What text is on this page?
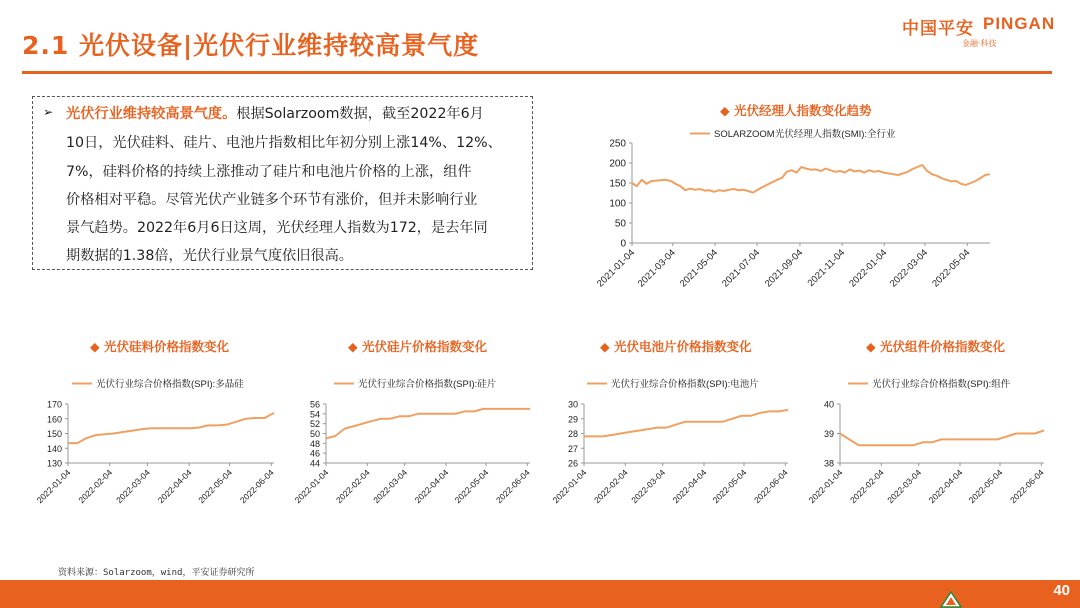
2.1 光伏设备|光伏行业维持较高景气度
中国平安 PINGAN
金融·科技
➢ 光伏行业维持较高景气度。根据Solarzoom数据，截至2022年6月
10日，光伏硅料、硅片、电池片指数相比年初分别上涨14%、12%、
7%，硅料价格的持续上涨推动了硅片和电池片价格的上涨，组件
价格相对平稳。尽管光伏产业链多个环节有涨价，但并未影响行业
景气趋势。2022年6月6日这周，光伏经理人指数为172，是去年同
期数据的1.38倍，光伏行业景气度依旧很高。
◆ 光伏经理人指数变化趋势
◆ 光伏硅料价格指数变化	◆ 光伏硅片价格指数变化	◆ 光伏电池片价格指数变化	◆ 光伏组件价格指数变化
0
50
100
150
200
250
2021-01-04
2021-03-04 2021-05-04 2021-07-04 2021-09-04 2021-11-04 2022-01-04
2022-03-04 2022-05-04
SOLARZOOM光伏经理人指数(SMI):全行业
130
140
150
160
170
2022-01-04 2022-02-04 2022-03-04 2022-04-04 2022-05-04 2022-06-04
光伏行业综合价格指数(SPI):多晶硅
44
46
48
50
52
54
56
2022-01-04 2022-02-04 2022-03-04 2022-04-04 2022-05-04 2022-06-04
光伏行业综合价格指数(SPI):硅片
26
27
28
29
30
2022-01-04 2022-02-04 2022-03-04 2022-04-04 2022-05-04 2022-06-04
光伏行业综合价格指数(SPI):电池片
38
39
40
2022-01-04 2022-02-04 2022-03-04 2022-04-04 2022-05-04 2022-06-04
光伏行业综合价格指数(SPI):组件
资料来源：Solarzoom，wind，平安证券研究所
40
